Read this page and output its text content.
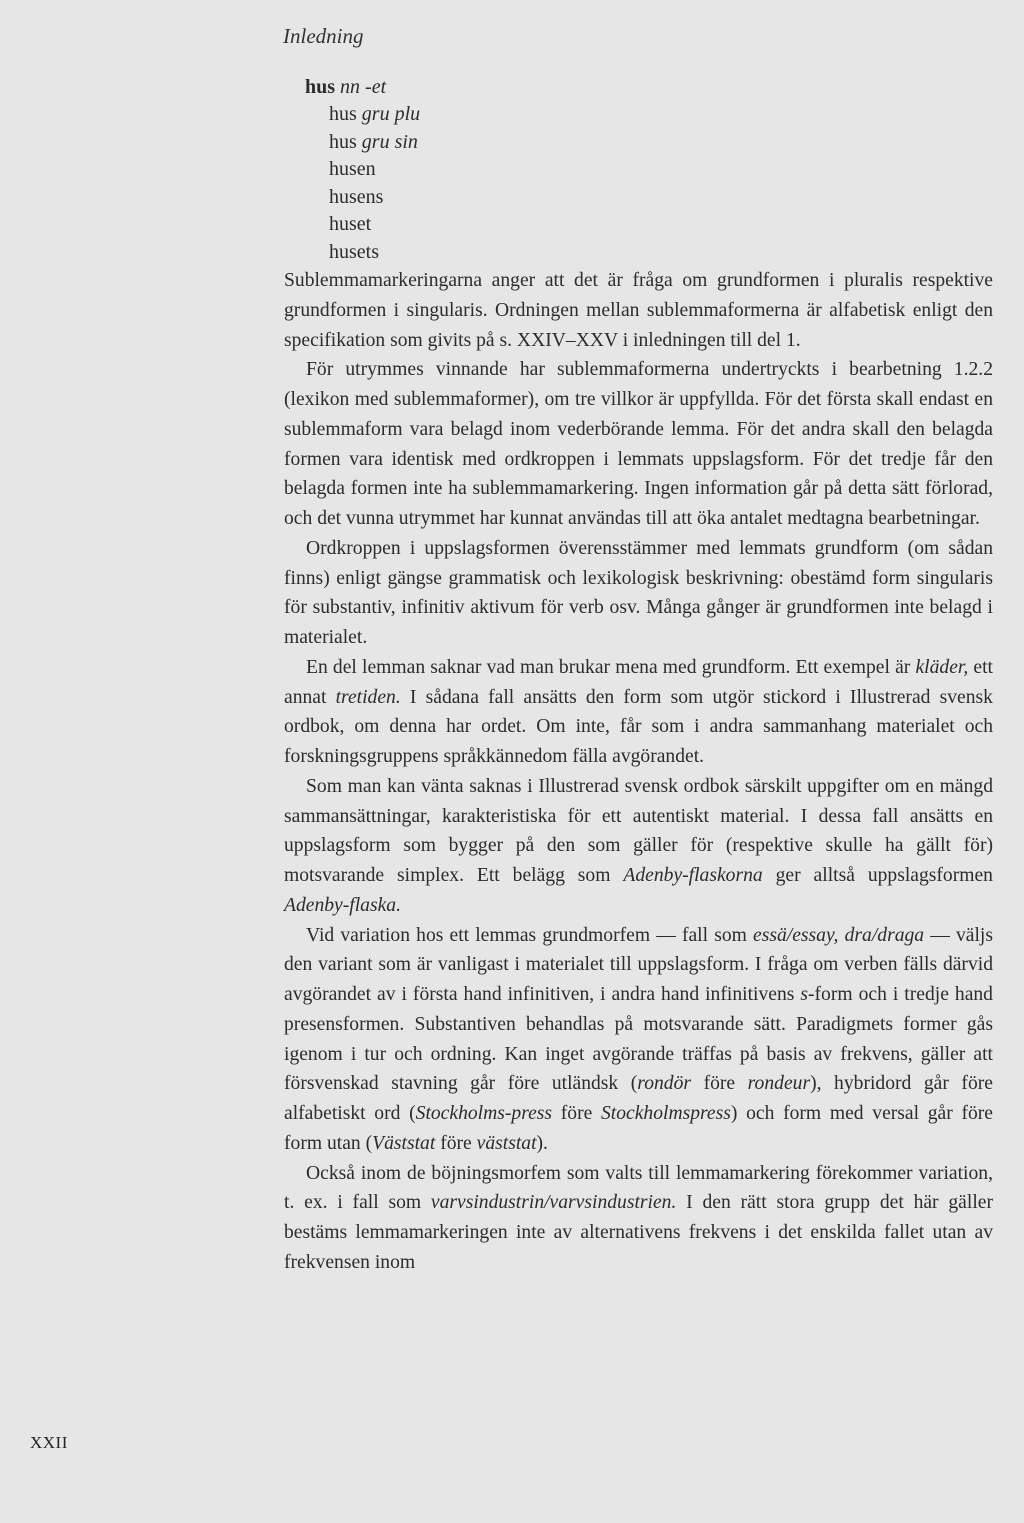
Inledning
hus nn -et
hus gru plu
hus gru sin
husen
husens
huset
husets

Sublemmamarkeringarna anger att det är fråga om grundformen i pluralis respektive grundformen i singularis. Ordningen mellan sublemmaformerna är alfabetisk enligt den specifikation som givits på s. XXIV–XXV i inledningen till del 1.

För utrymmes vinnande har sublemmaformerna undertryckts i bearbetning 1.2.2 (lexikon med sublemmaformer), om tre villkor är uppfyllda. För det första skall endast en sublemmaform vara belagd inom vederbörande lemma. För det andra skall den belagda formen vara identisk med ordkroppen i lemmats uppslagsform. För det tredje får den belagda formen inte ha sublemmamarkering. Ingen information går på detta sätt förlorad, och det vunna utrymmet har kunnat användas till att öka antalet medtagna bearbetningar.

Ordkroppen i uppslagsformen överensstämmer med lemmats grundform (om sådan finns) enligt gängse grammatisk och lexikologisk beskrivning: obestämd form singularis för substantiv, infinitiv aktivum för verb osv. Många gånger är grundformen inte belagd i materialet.

En del lemman saknar vad man brukar mena med grundform. Ett exempel är kläder, ett annat tretiden. I sådana fall ansätts den form som utgör stickord i Illustrerad svensk ordbok, om denna har ordet. Om inte, får som i andra sammanhang materialet och forskningsgruppens språkkännedom fälla avgörandet.

Som man kan vänta saknas i Illustrerad svensk ordbok särskilt uppgifter om en mängd sammansättningar, karakteristiska för ett autentiskt material. I dessa fall ansätts en uppslagsform som bygger på den som gäller för (respektive skulle ha gällt för) motsvarande simplex. Ett belägg som Adenby-flaskorna ger alltså uppslagsformen Adenby-flaska.

Vid variation hos ett lemmas grundmorfem — fall som essä/essay, dra/draga — väljs den variant som är vanligast i materialet till uppslagsform. I fråga om verben fälls därvid avgörandet av i första hand infinitiven, i andra hand infinitivens s-form och i tredje hand presensformen. Substantiven behandlas på motsvarande sätt. Paradigmets former gås igenom i tur och ordning. Kan inget avgörande träffas på basis av frekvens, gäller att försvenskad stavning går före utländsk (rondör före rondeur), hybridord går före alfabetiskt ord (Stockholms-press före Stockholmspress) och form med versal går före form utan (Väststat före väststat).

Också inom de böjningsmorfem som valts till lemmamarkering förekommer variation, t. ex. i fall som varvsindustrin/varvsindustrien. I den rätt stora grupp det här gäller bestäms lemmamarkeringen inte av alternativens frekvens i det enskilda fallet utan av frekvensen inom

XXII
